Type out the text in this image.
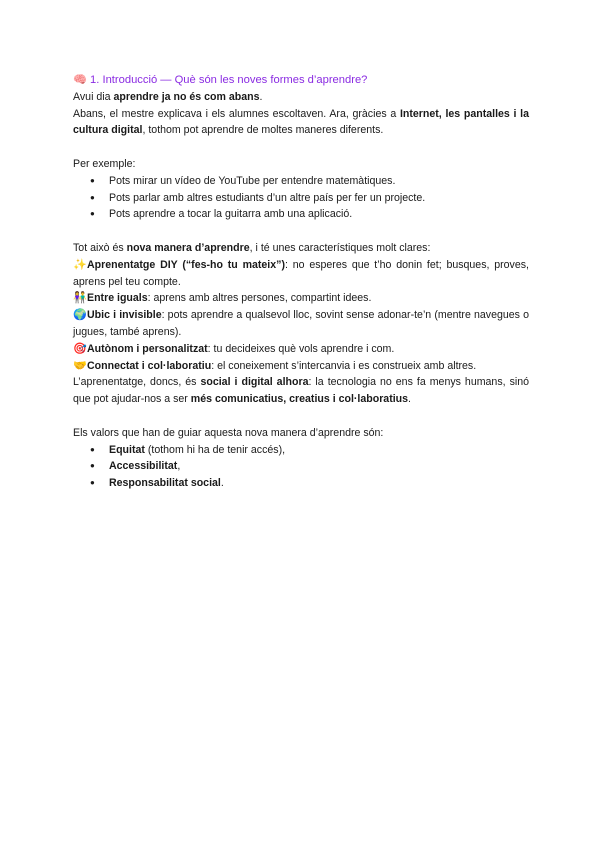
🧠 1. Introducció — Què són les noves formes d’aprendre?
Avui dia aprendre ja no és com abans.
Abans, el mestre explicava i els alumnes escoltaven. Ara, gràcies a Internet, les pantalles i la cultura digital, tothom pot aprendre de moltes maneres diferents.
Per exemple:
● Pots mirar un vídeo de YouTube per entendre matemàtiques.
● Pots parlar amb altres estudiants d’un altre país per fer un projecte.
● Pots aprendre a tocar la guitarra amb una aplicació.
Tot això és nova manera d’aprendre, i té unes característiques molt clares:
✨Aprenentatge DIY (“fes-ho tu mateix”): no esperes que t’ho donin fet; busques, proves, aprens pel teu compte.
👫Entre iguals: aprens amb altres persones, compartint idees.
🌍Ubic i invisible: pots aprendre a qualsevol lloc, sovint sense adonar-te’n (mentre navegues o jugues, també aprens).
🎯Autònom i personalitzat: tu decideixes què vols aprendre i com.
🤝Connectat i col·laboratiu: el coneixement s’intercanvia i es construeix amb altres.
L’aprenentatge, doncs, és social i digital alhora: la tecnologia no ens fa menys humans, sinó que pot ajudar-nos a ser més comunicatius, creatius i col·laboratius.
Els valors que han de guiar aquesta nova manera d’aprendre són:
● Equitat (tothom hi ha de tenir accés),
● Accessibilitat,
● Responsabilitat social.
